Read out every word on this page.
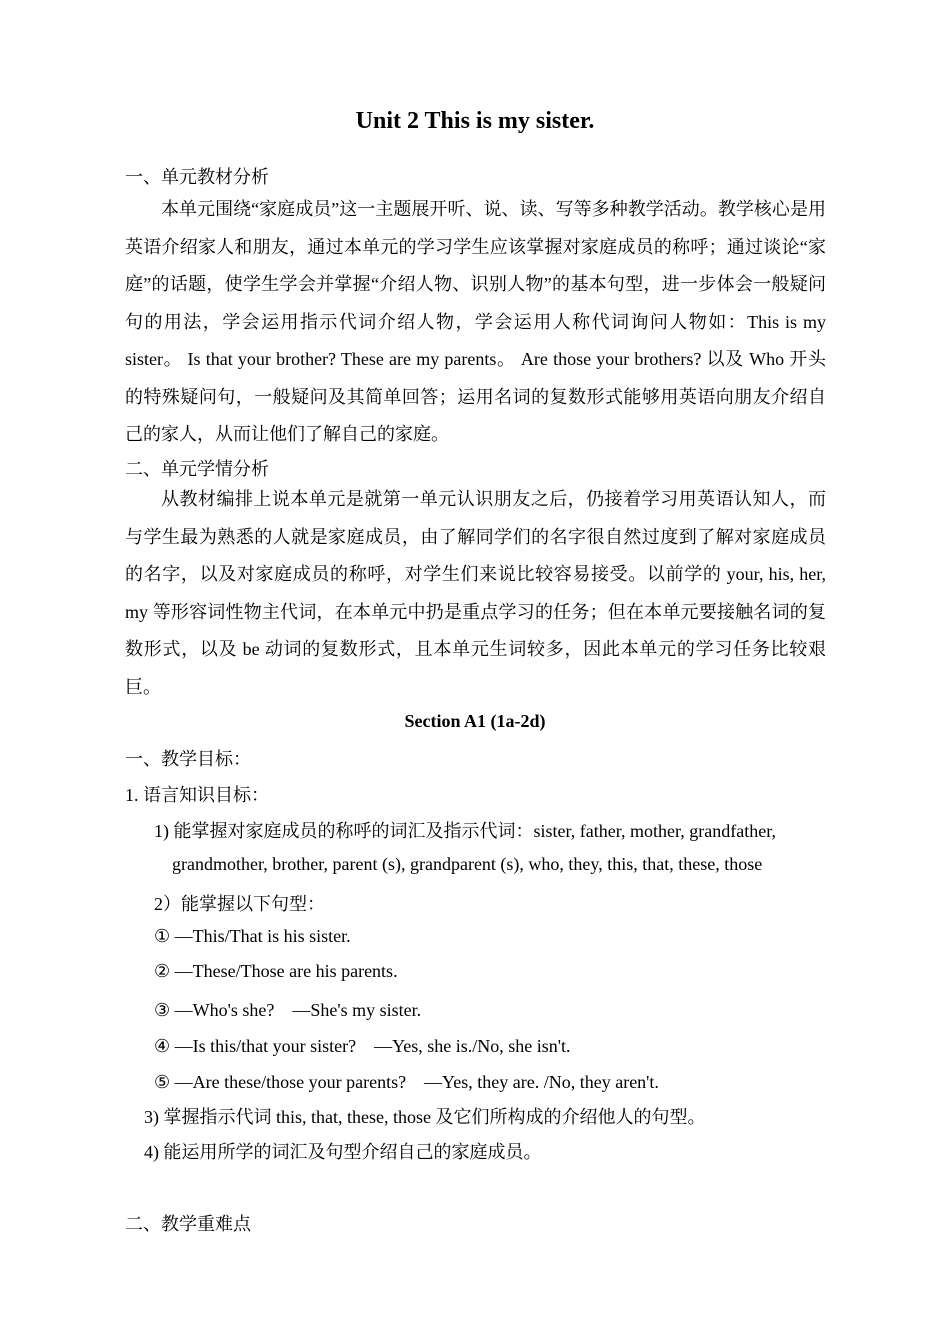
Unit 2 This is my sister.
一、单元教材分析

本单元围绕“家庭成员”这一主题展开听、说、读、写等多种教学活动。教学核心是用英语介绍家人和朋友，通过本单元的学习学生应该掌握对家庭成员的称呼；通过谈论“家庭”的话题，使学生学会并掌握“介绍人物、识别人物”的基本句型，进一步体会一般疑问句的用法，学会运用指示代词介绍人物，学会运用人称代词询问人物如：This is my sister。 Is that your brother? These are my parents。 Are those your brothers? 以及 Who 开头的特殊疑问句，一般疑问及其简单回答；运用名词的复数形式能够用英语向朋友介绍自己的家人，从而让他们了解自己的家庭。

二、单元学情分析

从教材编排上说本单元是就第一单元认识朋友之后，仍接着学习用英语认知人，而与学生最为熟悉的人就是家庭成员，由了解同学们的名字很自然过度到了解对家庭成员的名字，以及对家庭成员的称呼，对学生们来说比较容易接受。以前学的 your, his, her, my 等形容词性物主代词，在本单元中扔是重点学习的任务；但在本单元要接触名词的复数形式，以及 be 动词的复数形式，且本单元生词较多，因此本单元的学习任务比较艰巨。

Section A1 (1a-2d)
一、教学目标：
1. 语言知识目标：
1) 能掌握对家庭成员的称呼的词汇及指示代词：sister, father, mother, grandfather,
grandmother, brother, parent (s), grandparent (s), who, they, this, that, these, those
2）能掌握以下句型：
① —This/That is his sister.
② —These/Those are his parents.
③ —Who's she?　—She's my sister.
④ —Is this/that your sister?　—Yes, she is./No, she isn't.
⑤ —Are these/those your parents?　—Yes, they are. /No, they aren't.
3) 掌握指示代词 this, that, these, those 及它们所构成的介绍他人的句型。
4) 能运用所学的词汇及句型介绍自己的家庭成员。
二、教学重难点
